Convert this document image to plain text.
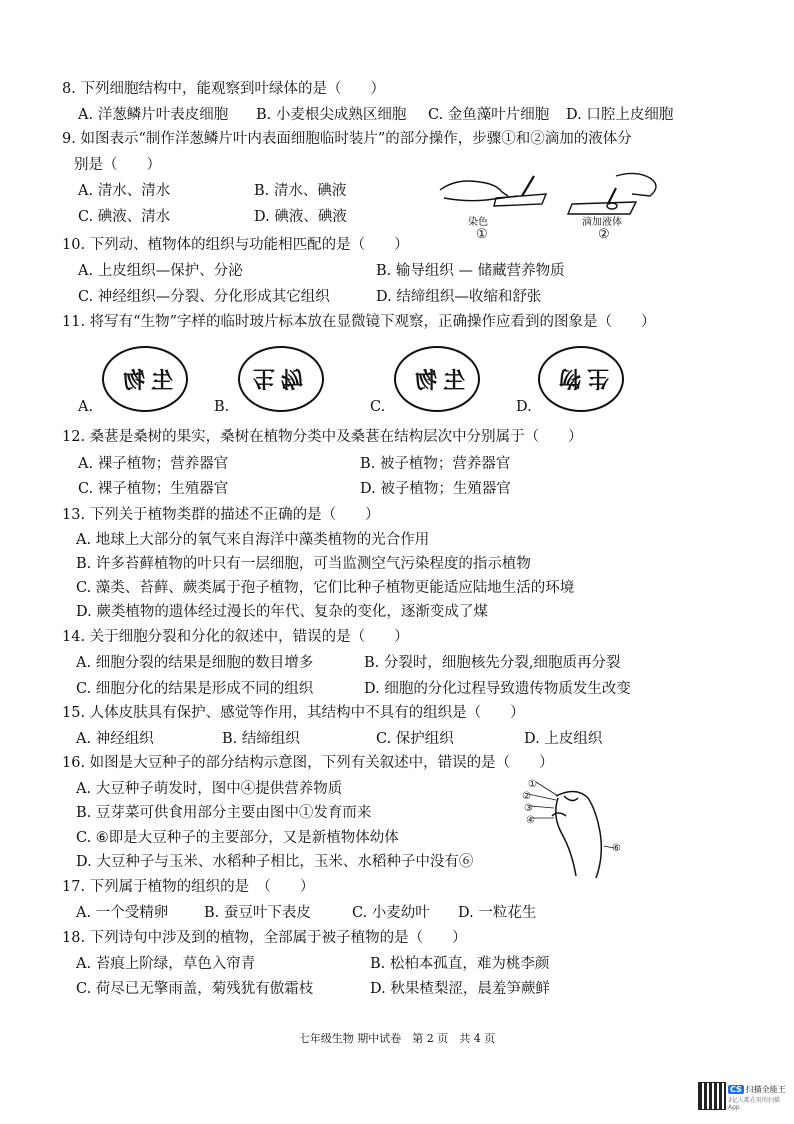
8. 下列细胞结构中，能观察到叶绿体的是（　　）
A. 洋葱鳞片叶表皮细胞 B. 小麦根尖成熟区细胞 C. 金鱼藻叶片细胞 D. 口腔上皮细胞
9. 如图表示“制作洋葱鳞片叶内表面细胞临时装片”的部分操作，步骤①和②滴加的液体分
别是（　　）
A. 清水、清水	B. 清水、碘液
C. 碘液、清水	D. 碘液、碘液	染色
①
滴加液体
②
10. 下列动、植物体的组织与功能相匹配的是（　　）
A. 上皮组织—保护、分泌	B. 输导组织 — 储藏营养物质
C. 神经组织—分裂、分化形成其它组织	D. 结缔组织—收缩和舒张
11. 将写有“生物”字样的临时玻片标本放在显微镜下观察，正确操作应看到的图象是（　　）
生物	生物	生物	生物
A.	B.	C.	D.
12. 桑葚是桑树的果实，桑树在植物分类中及桑葚在结构层次中分别属于（　　）
A. 裸子植物；营养器官	B. 被子植物；营养器官
C. 裸子植物；生殖器官	D. 被子植物；生殖器官
13. 下列关于植物类群的描述不正确的是（　　）
A. 地球上大部分的氧气来自海洋中藻类植物的光合作用
B. 许多苔藓植物的叶只有一层细胞，可当监测空气污染程度的指示植物
C. 藻类、苔藓、蕨类属于孢子植物，它们比种子植物更能适应陆地生活的环境
D. 蕨类植物的遗体经过漫长的年代、复杂的变化，逐渐变成了煤
14. 关于细胞分裂和分化的叙述中，错误的是（　　）
A. 细胞分裂的结果是细胞的数目增多	B. 分裂时，细胞核先分裂,细胞质再分裂
C. 细胞分化的结果是形成不同的组织	D. 细胞的分化过程导致遗传物质发生改变
15. 人体皮肤具有保护、感觉等作用，其结构中不具有的组织是（　　）
A. 神经组织	B. 结缔组织	C. 保护组织	D. 上皮组织
16. 如图是大豆种子的部分结构示意图，下列有关叙述中，错误的是（　　）
A. 大豆种子萌发时，图中④提供营养物质
B. 豆芽菜可供食用部分主要由图中①发育而来
C. ⑥即是大豆种子的主要部分，又是新植物体幼体
D. 大豆种子与玉米、水稻种子相比，玉米、水稻种子中没有⑥
①
②
③
④
⑥
17. 下列属于植物的组织的是　（　　）
A. 一个受精卵 B. 蚕豆叶下表皮	C. 小麦幼叶 D. 一粒花生
18. 下列诗句中涉及到的植物，全部属于被子植物的是（　　）
A. 苔痕上阶绿，草色入帘青	B. 松柏本孤直，难为桃李颜
C. 荷尽已无擎雨盖，菊残犹有傲霜枝	D. 秋果楂梨涩，晨羞笋蕨鲜
七年级生物 期中试卷　第 2 页　共 4 页
CS 扫描全能王
3亿人都在用的扫描App
